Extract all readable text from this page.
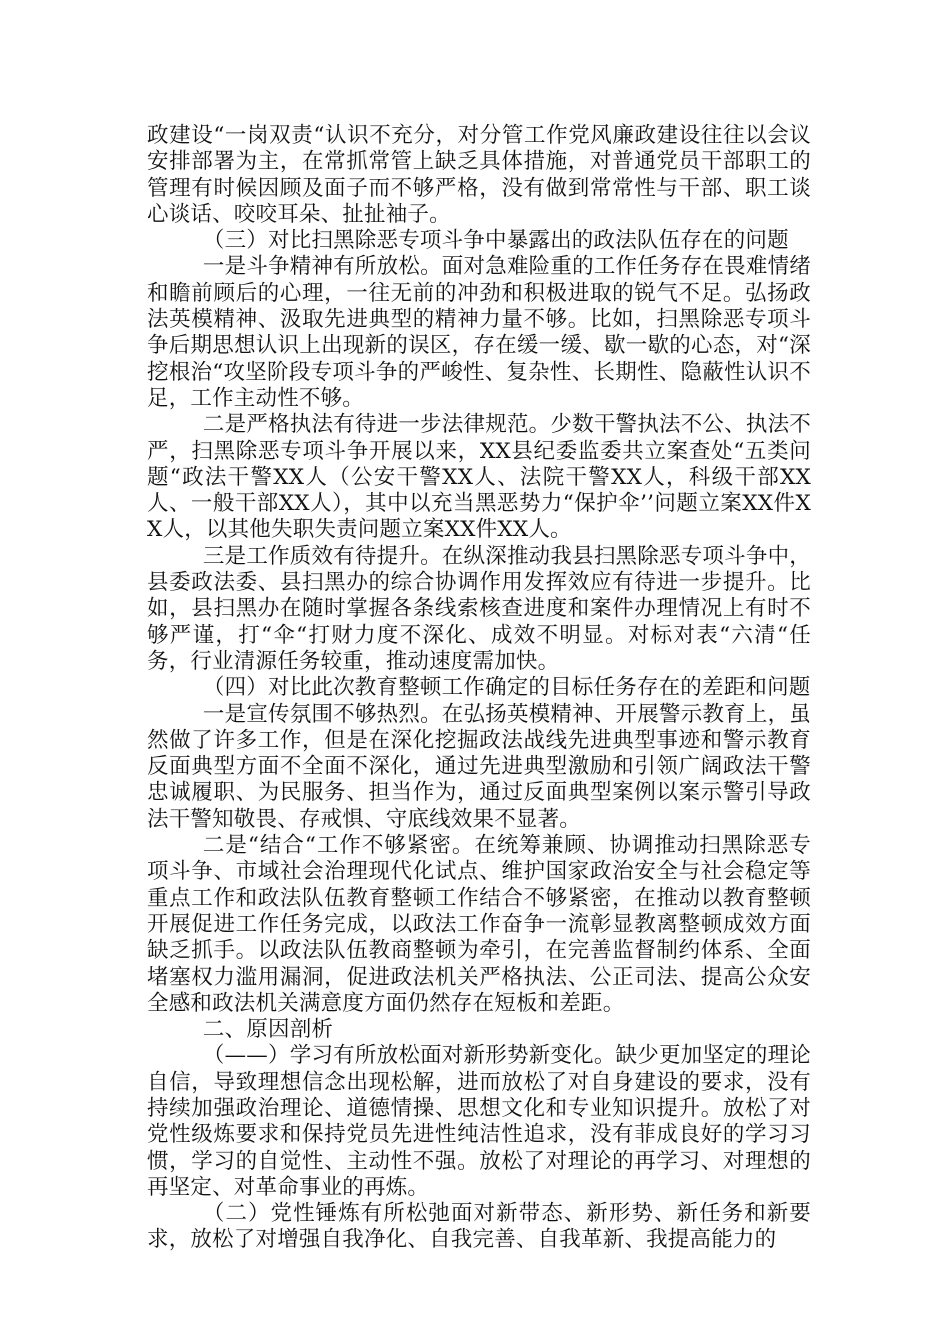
政建设“一岗双责“认识不充分，对分管工作党风廉政建设往往以会议安排部署为主，在常抓常管上缺乏具体措施，对普通党员干部职工的管理有时候因顾及面子而不够严格，没有做到常常性与干部、职工谈心谈话、咬咬耳朵、扯扯袖子。

（三）对比扫黑除恶专项斗争中暴露出的政法队伍存在的问题

一是斗争精神有所放松。面对急难险重的工作任务存在畏难情绪和瞻前顾后的心理，一往无前的冲劲和积极进取的锐气不足。弘扬政法英模精神、汲取先进典型的精神力量不够。比如，扫黑除恶专项斗争后期思想认识上出现新的误区，存在缓一缓、歇一歇的心态，对“深挖根治“攻坚阶段专项斗争的严峻性、复杂性、长期性、隐蔽性认识不足，工作主动性不够。

二是严格执法有待进一步法律规范。少数干警执法不公、执法不严，扫黑除恶专项斗争开展以来，XX县纪委监委共立案查处“五类问题“政法干警XX人（公安干警XX人、法院干警XX人，科级干部XX人、一般干部XX人），其中以充当黑恶势力“保护伞’’问题立案XX件XX人，以其他失职失责问题立案XX件XX人。

三是工作质效有待提升。在纵深推动我县扫黑除恶专项斗争中，县委政法委、县扫黑办的综合协调作用发挥效应有待进一步提升。比如，县扫黑办在随时掌握各条线索核查进度和案件办理情况上有时不够严谨，打“伞“打财力度不深化、成效不明显。对标对表“六清“任务，行业清源任务较重，推动速度需加快。

（四）对比此次教育整顿工作确定的目标任务存在的差距和问题

一是宣传氛围不够热烈。在弘扬英模精神、开展警示教育上，虽然做了许多工作，但是在深化挖掘政法战线先进典型事迹和警示教育反面典型方面不全面不深化，通过先进典型激励和引领广阔政法干警忠诚履职、为民服务、担当作为，通过反面典型案例以案示警引导政法干警知敬畏、存戒惧、守底线效果不显著。

二是“结合“工作不够紧密。在统筹兼顾、协调推动扫黑除恶专项斗争、市域社会治理现代化试点、维护国家政治安全与社会稳定等重点工作和政法队伍教育整顿工作结合不够紧密，在推动以教育整顿开展促进工作任务完成，以政法工作奋争一流彰显教离整顿成效方面缺乏抓手。以政法队伍教商整顿为牵引，在完善监督制约体系、全面堵塞权力滥用漏洞，促进政法机关严格执法、公正司法、提高公众安全感和政法机关满意度方面仍然存在短板和差距。

二、原因剖析

（——）学习有所放松面对新形势新变化。缺少更加坚定的理论自信，导致理想信念出现松解，进而放松了对自身建设的要求，没有持续加强政治理论、道德情操、思想文化和专业知识提升。放松了对党性级炼要求和保持党员先进性纯洁性追求，没有菲成良好的学习习惯，学习的自觉性、主动性不强。放松了对理论的再学习、对理想的再坚定、对革命事业的再炼。

（二）党性锤炼有所松弛面对新带态、新形势、新任务和新要求，放松了对增强自我净化、自我完善、自我革新、我提高能力的
